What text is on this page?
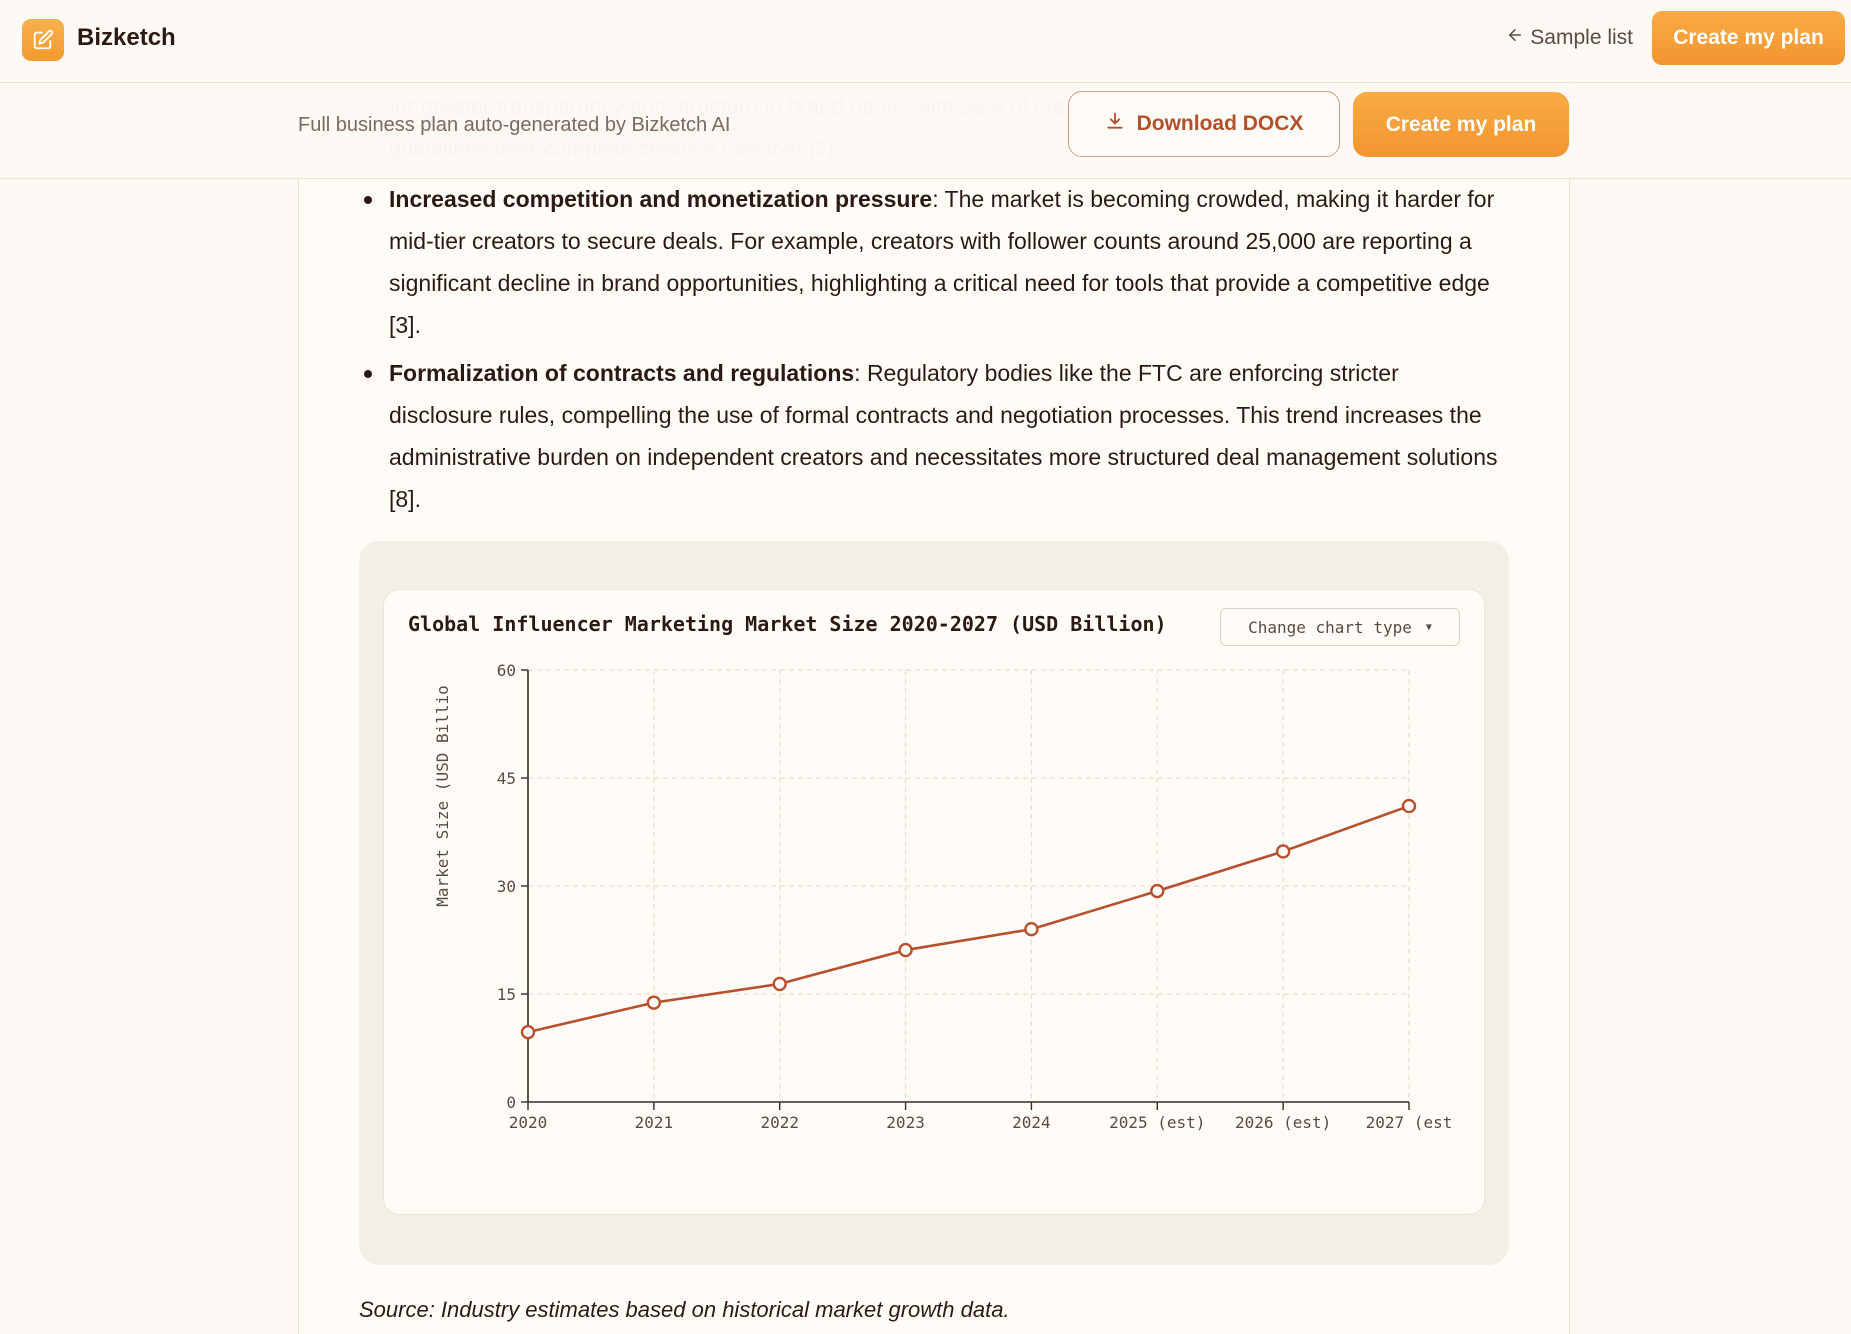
Bizketch	Sample list	Create my plan
Full business plan auto-generated by Bizketch AI	Download DOCX	Create my plan
Increased competition and monetization pressure: The market is becoming crowded, making it harder for mid-tier creators to secure deals. For example, creators with follower counts around 25,000 are reporting a significant decline in brand opportunities, highlighting a critical need for tools that provide a competitive edge [3].
Formalization of contracts and regulations: Regulatory bodies like the FTC are enforcing stricter disclosure rules, compelling the use of formal contracts and negotiation processes. This trend increases the administrative burden on independent creators and necessitates more structured deal management solutions [8].
Global Influencer Marketing Market Size 2020-2027 (USD Billion)	Change chart type ▼
0
15
30
45
60
2020	2021	2022	2023	2024	2025 (est) 2026 (est) 2027 (est
Market Size (USD Billio
Source: Industry estimates based on historical market growth data.
